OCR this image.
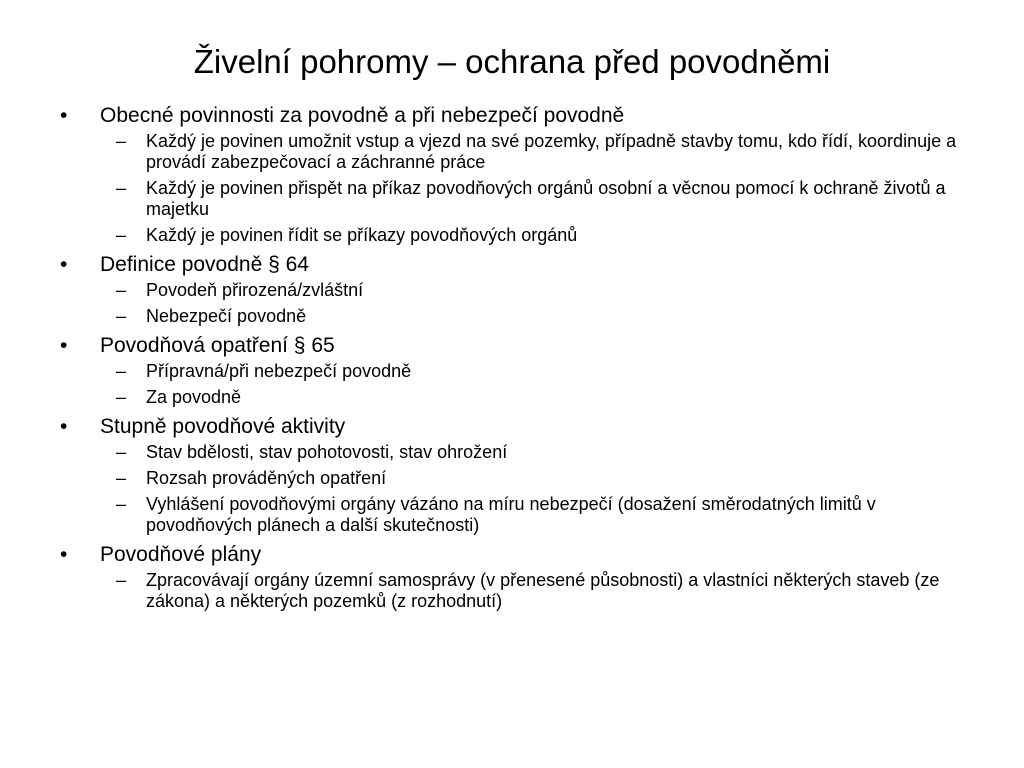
Živelní pohromy – ochrana před povodněmi
• Obecné povinnosti za povodně a při nebezpečí povodně
– Každý je povinen umožnit vstup a vjezd na své pozemky, případně stavby tomu, kdo řídí, koordinuje a provádí zabezpečovací a záchranné práce
– Každý je povinen přispět na příkaz povodňových orgánů osobní a věcnou pomocí k ochraně životů a majetku
– Každý je povinen řídit se příkazy povodňových orgánů
• Definice povodně § 64
– Povodeň přirozená/zvláštní
– Nebezpečí povodně
• Povodňová opatření § 65
– Přípravná/při nebezpečí povodně
– Za povodně
• Stupně povodňové aktivity
– Stav bdělosti, stav pohotovosti, stav ohrožení
– Rozsah prováděných opatření
– Vyhlášení povodňovými orgány vázáno na míru nebezpečí (dosažení směrodatných limitů v povodňových plánech a další skutečnosti)
• Povodňové plány
– Zpracovávají orgány územní samosprávy (v přenesené působnosti) a vlastníci některých staveb (ze zákona) a některých pozemků (z rozhodnutí)
